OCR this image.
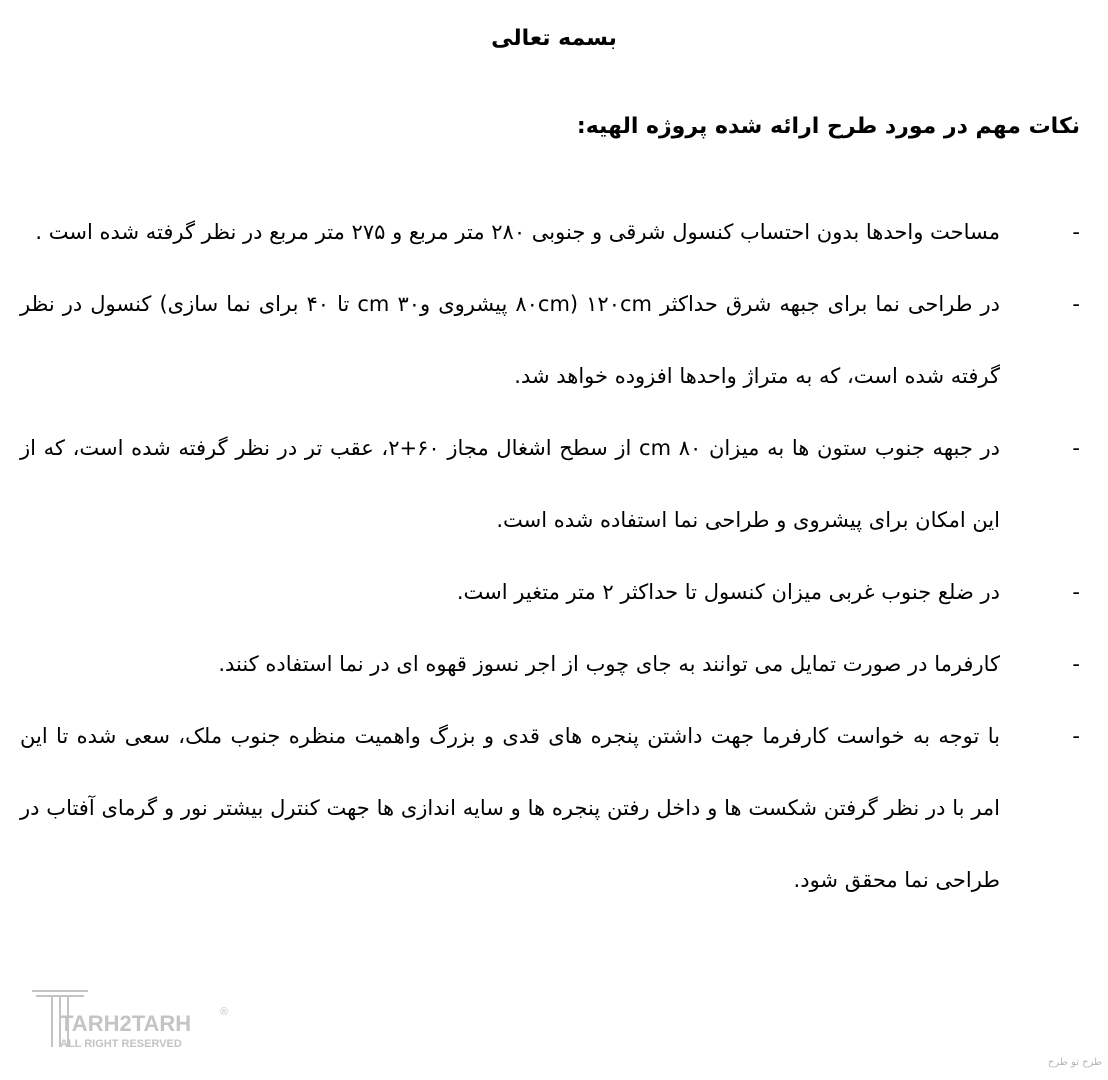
بسمه تعالی
نکات مهم در مورد طرح ارائه شده پروژه الهیه:
-
مساحت واحدها بدون احتساب کنسول شرقی و جنوبی ۲۸۰ متر مربع و ۲۷۵ متر مربع در نظر گرفته شده است .
-
در طراحی نما برای جبهه شرق حداکثر ۱۲۰cm (۸۰cm پیشروی و۳۰ cm تا ۴۰ برای نما سازی) کنسول در نظر گرفته شده است، که به متراژ واحدها افزوده خواهد شد.
-
در جبهه جنوب ستون ها به میزان ۸۰ cm از سطح اشغال مجاز ۶۰+۲، عقب تر در نظر گرفته شده است، که از این امکان برای پیشروی و طراحی نما استفاده شده است.
-
در ضلع جنوب غربی میزان کنسول تا حداکثر ۲ متر متغیر است.
-
کارفرما در صورت تمایل می توانند به جای چوب از اجر نسوز قهوه ای در نما استفاده کنند.
-
با توجه به خواست کارفرما جهت داشتن پنجره های قدی و بزرگ واهمیت منظره جنوب ملک، سعی شده تا این امر با در نظر گرفتن شکست ها و داخل رفتن پنجره ها و سایه اندازی ها جهت کنترل بیشتر نور و گرمای آفتاب در طراحی نما محقق شود.
TARH2TARH
ALL RIGHT RESERVED
®
طرح تو طرح
